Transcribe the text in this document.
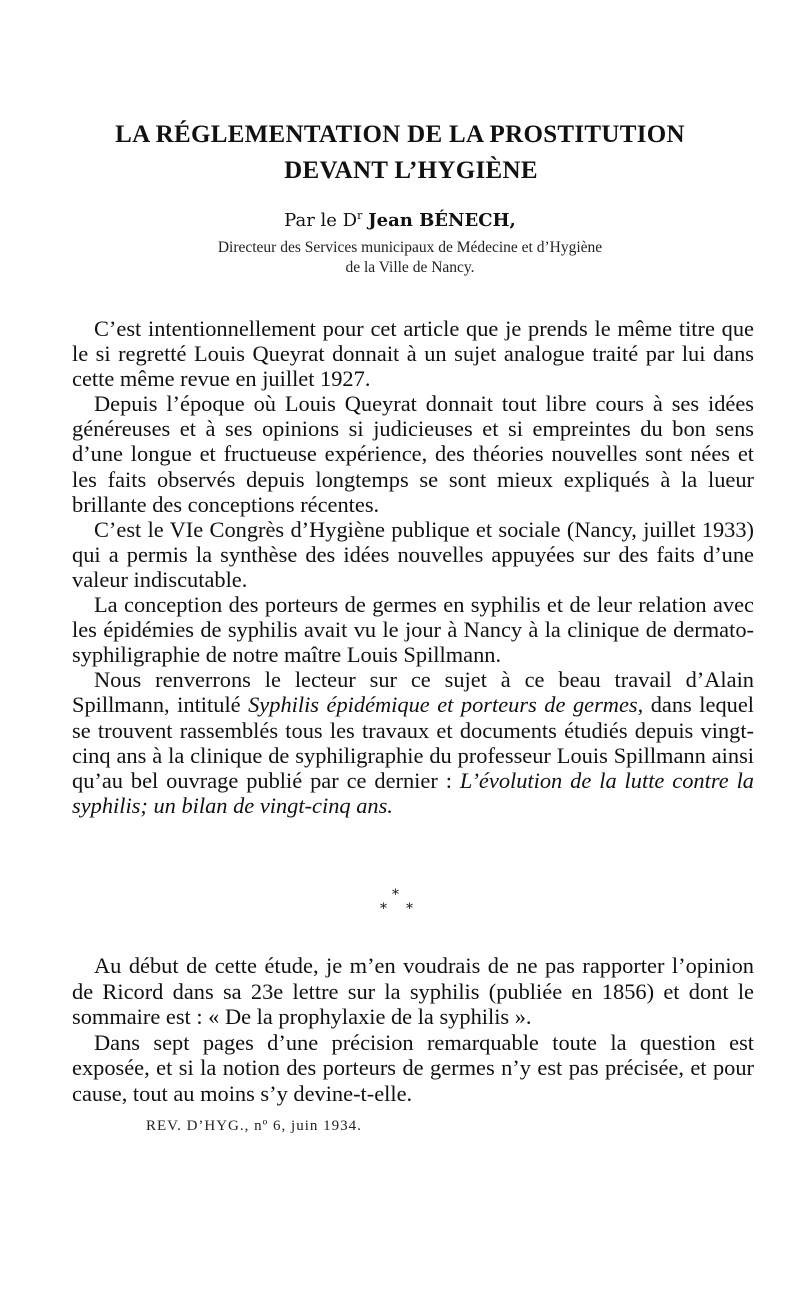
LA RÉGLEMENTATION DE LA PROSTITUTION
DEVANT L’HYGIÈNE
Par le $D^r$ Jean BÉNECH,
Directeur des Services municipaux de Médecine et d’Hygiène
de la Ville de Nancy.

C’est intentionnellement pour cet article que je prends le même titre que le si regretté Louis Queyrat donnait à un sujet analogue traité par lui dans cette même revue en juillet 1927.

Depuis l’époque où Louis Queyrat donnait tout libre cours à ses idées généreuses et à ses opinions si judicieuses et si empreintes du bon sens d’une longue et fructueuse expérience, des théories nouvelles sont nées et les faits observés depuis longtemps se sont mieux expliqués à la lueur brillante des conceptions récentes.

C’est le VIe Congrès d’Hygiène publique et sociale (Nancy, juillet 1933) qui a permis la synthèse des idées nouvelles appuyées sur des faits d’une valeur indiscutable.

La conception des porteurs de germes en syphilis et de leur relation avec les épidémies de syphilis avait vu le jour à Nancy à la clinique de dermato-syphiligraphie de notre maître Louis Spillmann.

Nous renverrons le lecteur sur ce sujet à ce beau travail d’Alain Spillmann, intitulé Syphilis épidémique et porteurs de germes, dans lequel se trouvent rassemblés tous les travaux et documents étudiés depuis vingt-cinq ans à la clinique de syphiligraphie du professeur Louis Spillmann ainsi qu’au bel ouvrage publié par ce dernier : L’évolution de la lutte contre la syphilis; un bilan de vingt-cinq ans.

*
* *

Au début de cette étude, je m’en voudrais de ne pas rapporter l’opinion de Ricord dans sa 23e lettre sur la syphilis (publiée en 1856) et dont le sommaire est : « De la prophylaxie de la syphilis ».

Dans sept pages d’une précision remarquable toute la question est exposée, et si la notion des porteurs de germes n’y est pas précisée, et pour cause, tout au moins s’y devine-t-elle.

REV. D’HYG., nº 6, juin 1934.
